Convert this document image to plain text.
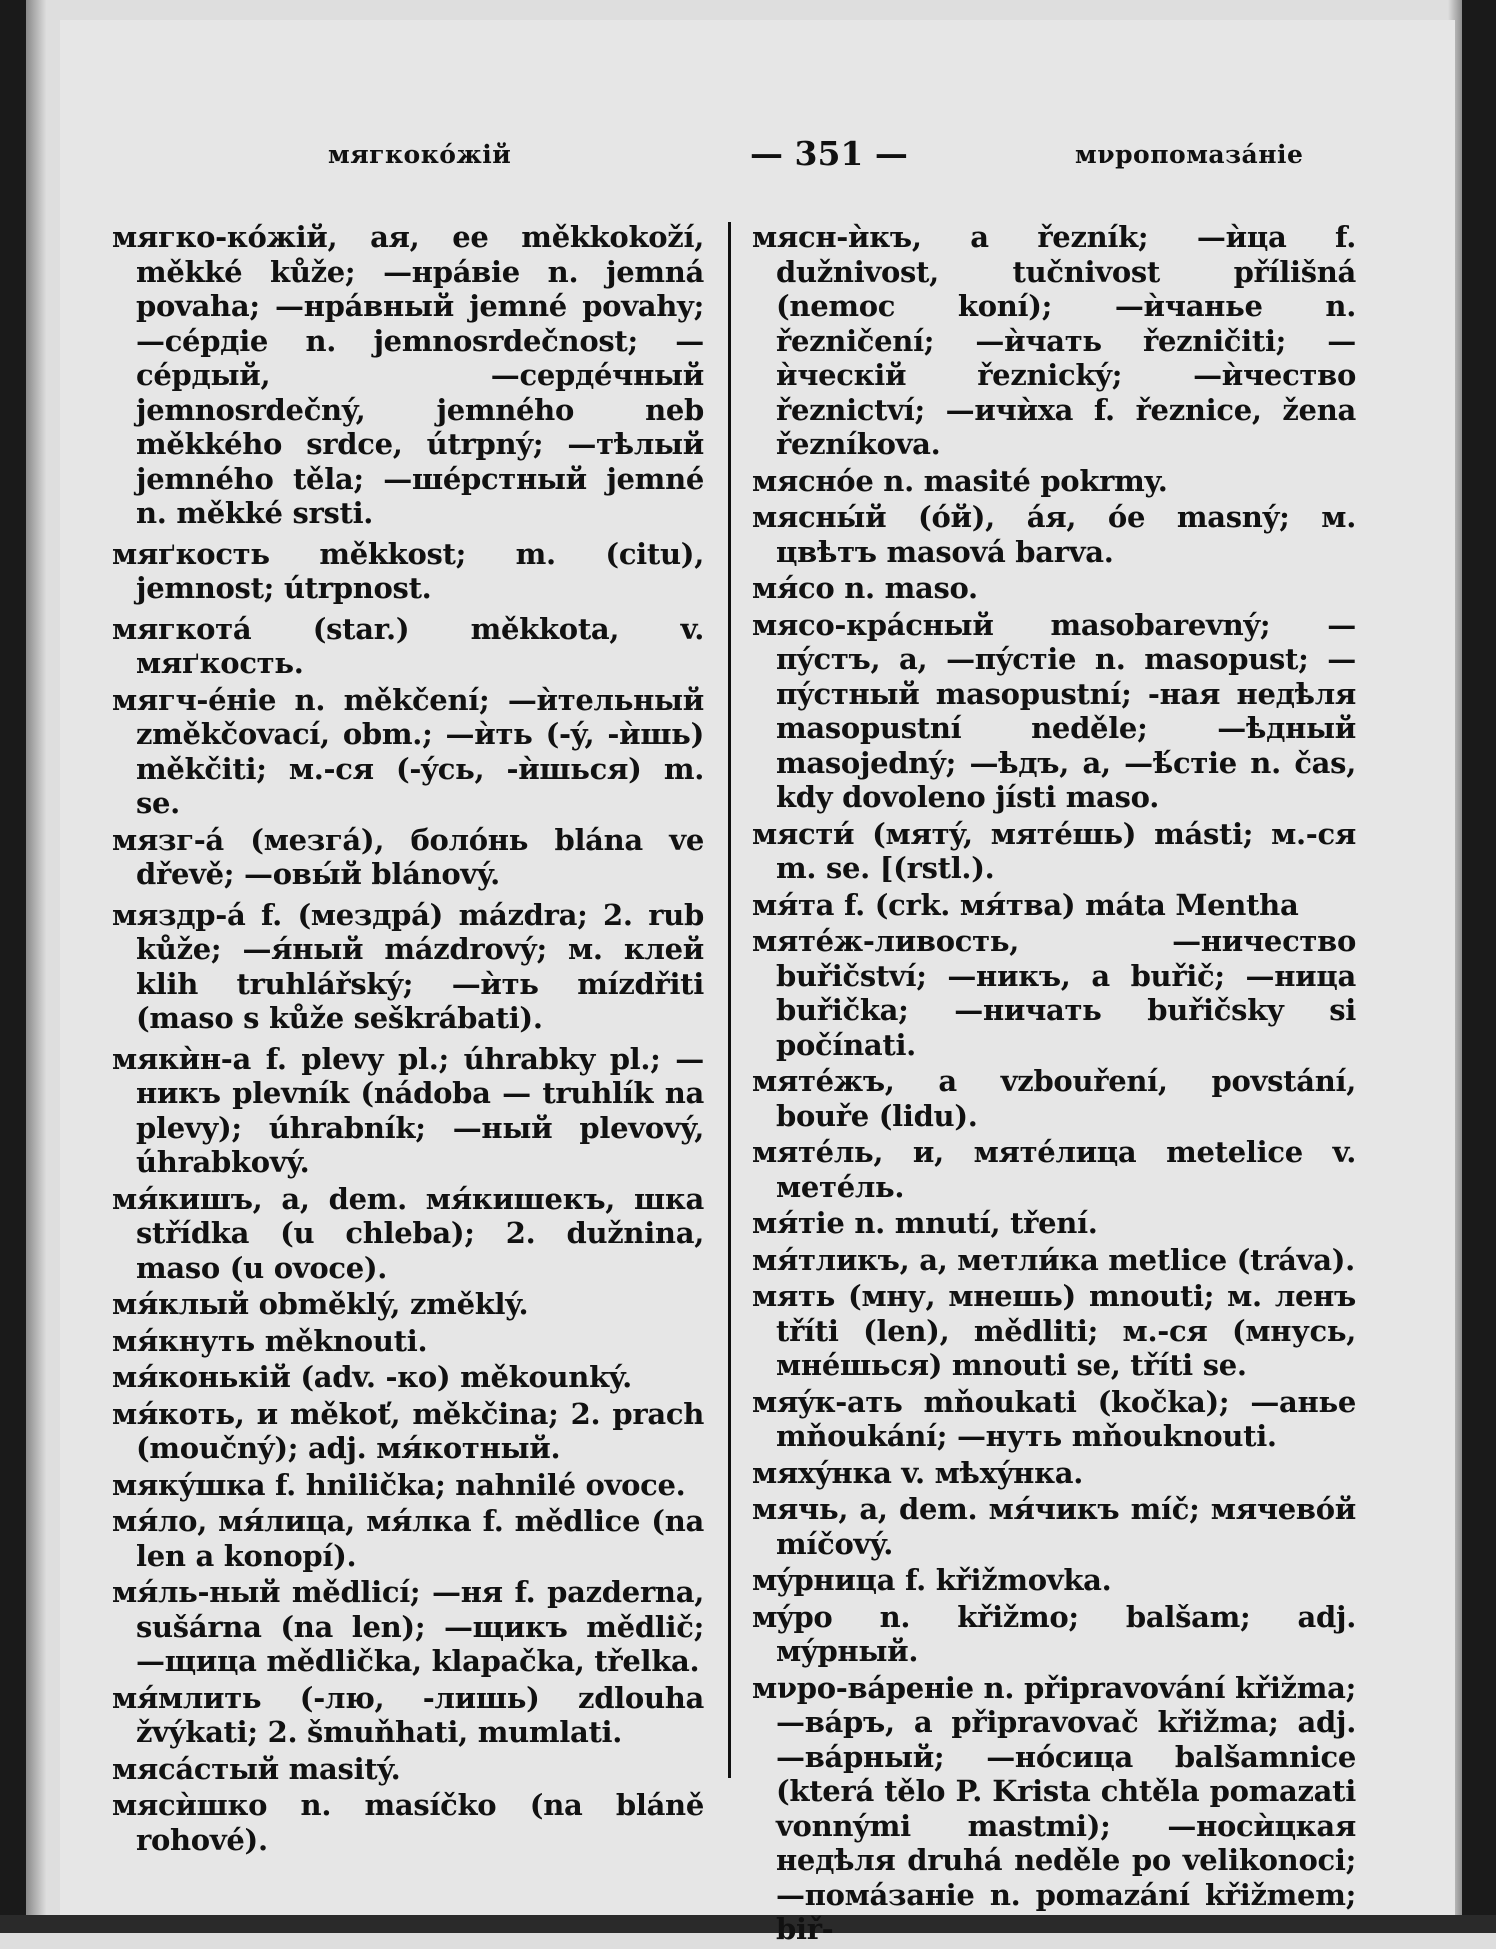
мягкокóжій	— 351 —	мνропомазáніе

мягко-кóжій, ая, ее měkkokoží, měkké kůže; —нрáвіе n. jemná povaha; —нрáвный jemné povahy; —сéрдіе n. jemnosrdečnost; —сéрдый, —сердéчный jemnosrdečný, jemného neb měkkého srdce, útrpný; —тѣлый jemného těla; —шéрстный jemné n. měkké srsti.

мяґкость měkkost; m. (citu), jemnost; útrpnost.

мягкотá (star.) měkkota, v. мяґкость.

мягч-éніе n. měkčení; —ѝтельный změkčovací, obm.; —ѝть (-ý, -ѝшь) měkčiti; м.-ся (-ýсь, -ѝшься) m. se.

мязг-á (мезгá), болóнь blána ve dřevě; —овы́й blánový.

мяздр-á f. (мездрá) mázdra; 2. rub kůže; —я́ный mázdrový; м. клей klih truhlářský; —ѝть mízdřiti (maso s kůže seškrábati).

мякѝн-а f. plevy pl.; úhrabky pl.; —никъ plevník (nádoba — truhlík na plevy); úhrabník; —ный plevový, úhrabkový.

мя́кишъ, а, dem. мя́кишекъ, шка střídka (u chleba); 2. dužnina, maso (u ovoce).

мя́клый obměklý, změklý.

мя́кнуть měknouti.

мя́конькій (adv. -ко) měkounký.

мя́коть, и měkoť, měkčina; 2. prach (moučný); adj. мя́котный.

мякýшка f. hnilička; nahnilé ovoce.

мя́ло, мя́лица, мя́лка f. mědlice (na len a konopí).

мя́ль-ный mědlicí; —ня f. pazderna, sušárna (na len); —щикъ mědlič; —щица mědlička, klapačka, třelka.

мя́млить (-лю, -лишь) zdlouha žvýkati; 2. šmuňhati, mumlati.

мясáстый masitý.

мясѝшко n. masíčko (na bláně rohové).

мясн-ѝкъ, а řezník; —ѝца f. dužnivost, tučnivost přílišná (nemoc koní); —ѝчанье n. řezničení; —ѝчать řezničiti; —ѝческій řeznický; —ѝчество řeznictví; —ичѝха f. řeznice, žena řezníkova.

мяснóе n. masité pokrmy.

мясны́й (óй), áя, óе masný; м. цвѣтъ masová barva.

мя́со n. maso.

мясо-крáсный masobarevný; —пýстъ, а, —пýстіе n. masopust; —пýстный masopustní; -ная недѣля masopustní neděle; —ѣдный masojedný; —ѣдъ, а, —ѣ́стіе n. čas, kdy dovoleno jísti maso.

мясти́ (мятý, мятéшь) másti; м.-ся m. se. [(rstl.).

мя́та f. (crk. мя́тва) máta Mentha

мятéж-ливость, —ничество buřičství; —никъ, а buřič; —ница buřička; —ничать buřičsky si počínati.

мятéжъ, а vzbouření, povstání, bouře (lidu).

мятéль, и, мятéлица metelice v. метéль.

мя́тіе n. mnutí, tření.

мя́тликъ, а, метли́ка metlice (tráva).

мять (мну, мнешь) mnouti; м. ленъ tříti (len), mědliti; м.-ся (мнусь, мнéшься) mnouti se, tříti se.

мяýк-ать mňoukati (kočka); —анье mňoukání; —нуть mňouknouti.

мяхýнка v. мѣхýнка.

мячь, а, dem. мя́чикъ míč; мячевóй míčový.

мýрница f. křižmovka.

мýро n. křižmo; balšam; adj. мýрный.

мνро-вáреніе n. připravování křižma; —вáръ, а připravovač křižma; adj. —вáрный; —нóсица balšamnice (která tělo P. Krista chtěla pomazati vonnými mastmi); —носѝцкая недѣля druhá neděle po velikonoci; —помáзаніе n. pomazání křižmem; biř-
